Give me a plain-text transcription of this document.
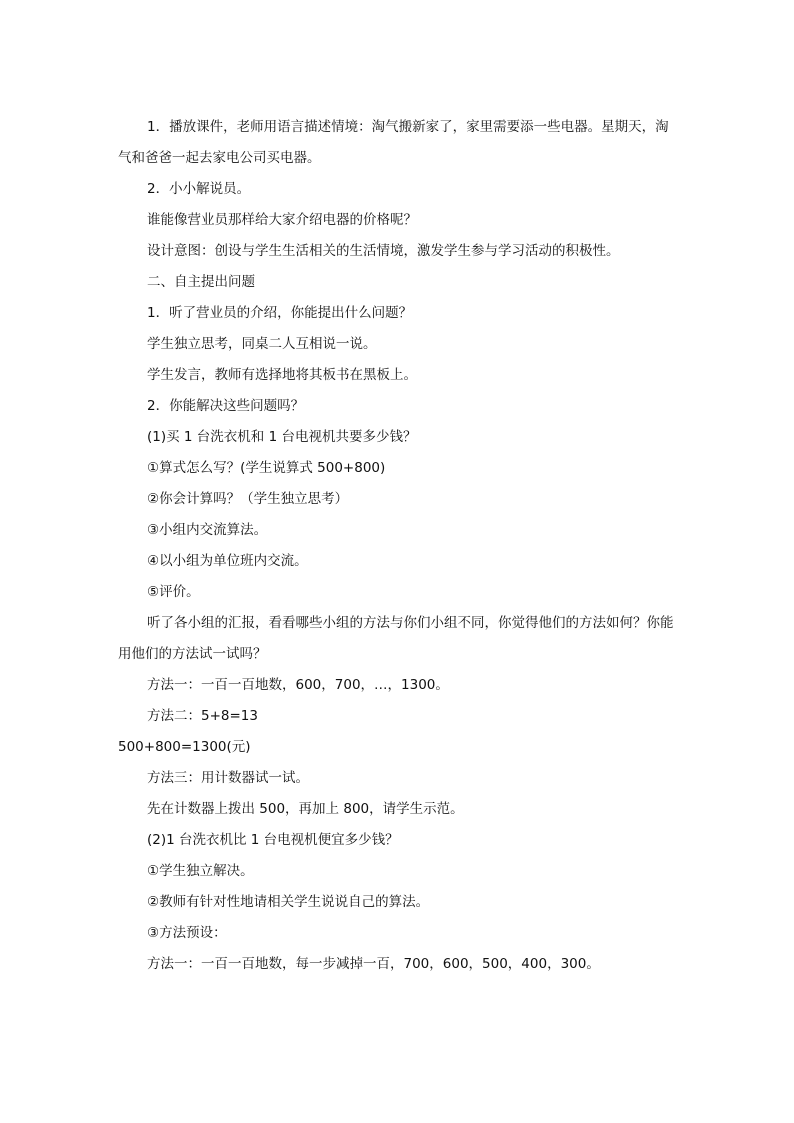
1．播放课件，老师用语言描述情境：淘气搬新家了，家里需要添一些电器。星期天，淘气和爸爸一起去家电公司买电器。

2．小小解说员。

谁能像营业员那样给大家介绍电器的价格呢？

设计意图：创设与学生生活相关的生活情境，激发学生参与学习活动的积极性。

二、自主提出问题

1．听了营业员的介绍，你能提出什么问题？

学生独立思考，同桌二人互相说一说。

学生发言，教师有选择地将其板书在黑板上。

2．你能解决这些问题吗？

(1)买 1 台洗衣机和 1 台电视机共要多少钱？

①算式怎么写？(学生说算式 500+800)

②你会计算吗？（学生独立思考）

③小组内交流算法。

④以小组为单位班内交流。

⑤评价。

听了各小组的汇报，看看哪些小组的方法与你们小组不同，你觉得他们的方法如何？你能用他们的方法试一试吗？

方法一：一百一百地数，600，700，…，1300。

方法二：5+8=13

500+800=1300(元)

方法三：用计数器试一试。

先在计数器上拨出 500，再加上 800，请学生示范。

(2)1 台洗衣机比 1 台电视机便宜多少钱？

①学生独立解决。

②教师有针对性地请相关学生说说自己的算法。

③方法预设：

方法一：一百一百地数，每一步减掉一百，700，600，500，400，300。
